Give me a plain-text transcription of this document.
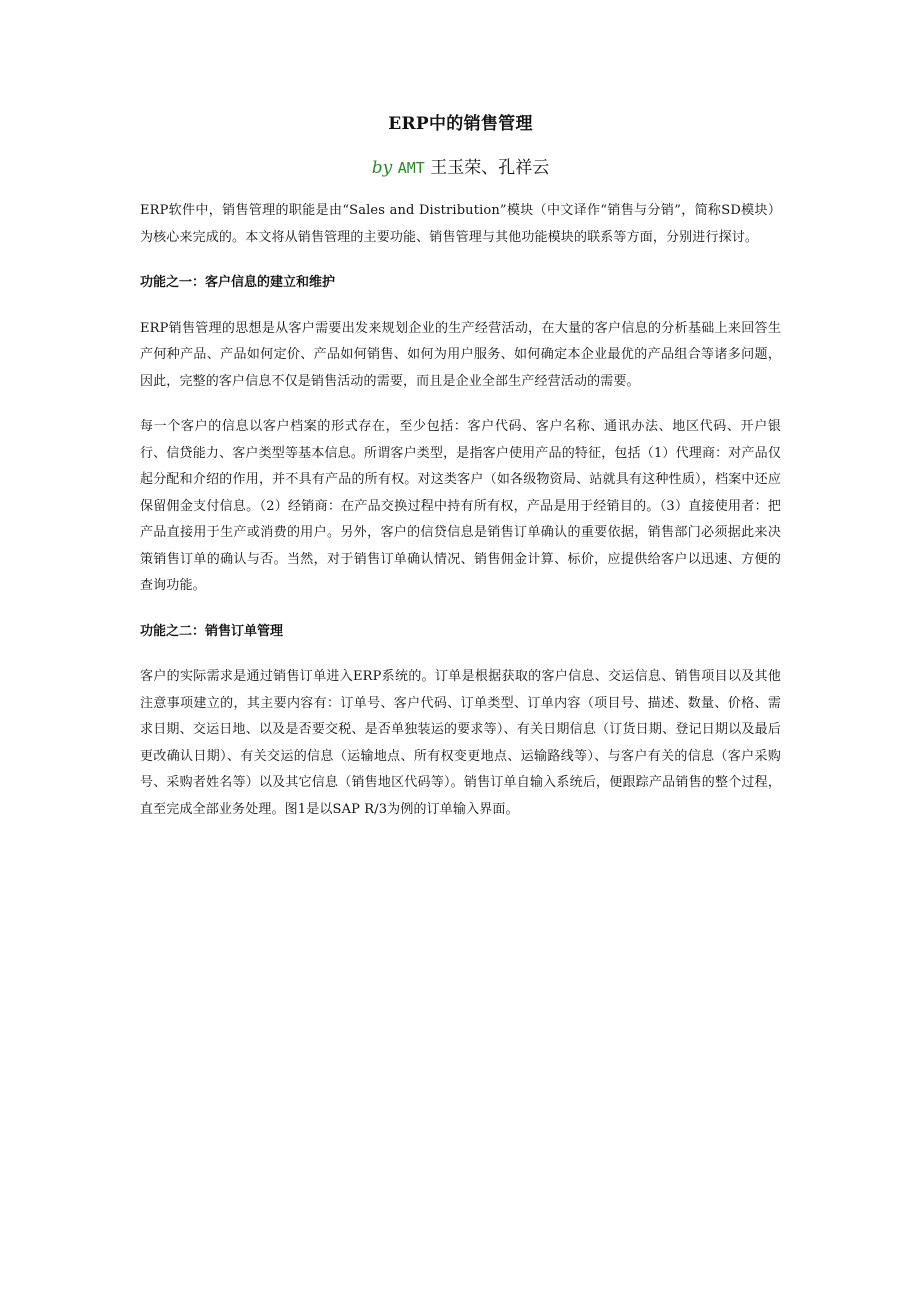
ERP中的销售管理
by AMT 王玉荣、孔祥云

ERP软件中，销售管理的职能是由“Sales and Distribution”模块（中文译作“销售与分销”，简称SD模块）为核心来完成的。本文将从销售管理的主要功能、销售管理与其他功能模块的联系等方面，分别进行探讨。

功能之一：客户信息的建立和维护

ERP销售管理的思想是从客户需要出发来规划企业的生产经营活动，在大量的客户信息的分析基础上来回答生产何种产品、产品如何定价、产品如何销售、如何为用户服务、如何确定本企业最优的产品组合等诸多问题，因此，完整的客户信息不仅是销售活动的需要，而且是企业全部生产经营活动的需要。

每一个客户的信息以客户档案的形式存在，至少包括：客户代码、客户名称、通讯办法、地区代码、开户银行、信贷能力、客户类型等基本信息。所谓客户类型，是指客户使用产品的特征，包括（1）代理商：对产品仅起分配和介绍的作用，并不具有产品的所有权。对这类客户（如各级物资局、站就具有这种性质），档案中还应保留佣金支付信息。（2）经销商：在产品交换过程中持有所有权，产品是用于经销目的。（3）直接使用者：把产品直接用于生产或消费的用户。另外，客户的信贷信息是销售订单确认的重要依据，销售部门必须据此来决策销售订单的确认与否。当然，对于销售订单确认情况、销售佣金计算、标价，应提供给客户以迅速、方便的查询功能。

功能之二：销售订单管理

客户的实际需求是通过销售订单进入ERP系统的。订单是根据获取的客户信息、交运信息、销售项目以及其他注意事项建立的，其主要内容有：订单号、客户代码、订单类型、订单内容（项目号、描述、数量、价格、需求日期、交运日地、以及是否要交税、是否单独装运的要求等）、有关日期信息（订货日期、登记日期以及最后更改确认日期）、有关交运的信息（运输地点、所有权变更地点、运输路线等）、与客户有关的信息（客户采购号、采购者姓名等）以及其它信息（销售地区代码等）。销售订单自输入系统后，便跟踪产品销售的整个过程，直至完成全部业务处理。图1是以SAP R/3为例的订单输入界面。
